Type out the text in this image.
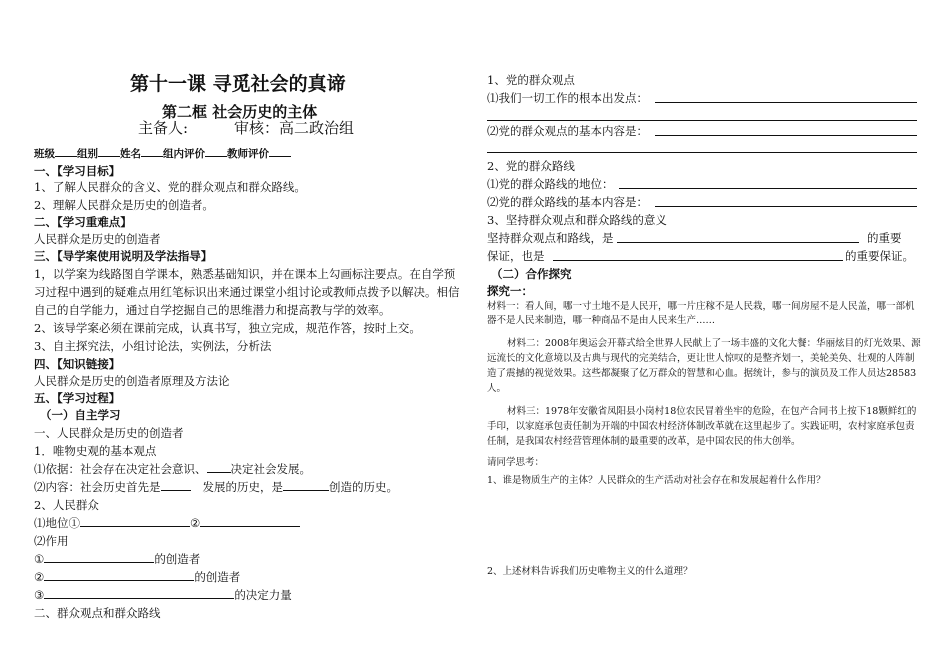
第十一课 寻觅社会的真谛
第二框 社会历史的主体
主备人:	审核：高二政治组
班级 组别 姓名 组内评价 教师评价
一、【学习目标】
1、了解人民群众的含义、党的群众观点和群众路线。
2、理解人民群众是历史的创造者。
二、【学习重难点】
人民群众是历史的创造者
三、【导学案使用说明及学法指导】
1，以学案为线路图自学课本，熟悉基础知识，并在课本上勾画标注要点。在自学预习过程中遇到的疑难点用红笔标识出来通过课堂小组讨论或教师点拨予以解决。相信自己的自学能力，通过自学挖掘自己的思维潜力和提高教与学的效率。
2、该导学案必须在课前完成，认真书写，独立完成，规范作答，按时上交。
3、自主探究法，小组讨论法，实例法，分析法
四、【知识链接】
人民群众是历史的创造者原理及方法论
五、【学习过程】
（一）自主学习
一、人民群众是历史的创造者
1．唯物史观的基本观点
⑴依据：社会存在决定社会意识、 决定社会发展。
⑵内容：社会历史首先是	发展的历史，是	创造的历史。
2、人民群众
⑴地位①	②
⑵作用
①	的创造者
②	的创造者
③	的决定力量
二、群众观点和群众路线
1、党的群众观点
⑴我们一切工作的根本出发点：
⑵党的群众观点的基本内容是：
2、党的群众路线
⑴党的群众路线的地位：
⑵党的群众路线的基本内容是：
3、坚持群众观点和群众路线的意义
坚持群众观点和路线，是	的重要
保证，也是	的重要保证。
（二）合作探究
探究一：
材料一：看人间，哪一寸土地不是人民开，哪一片庄稼不是人民栽，哪一间房屋不是人民盖，哪一部机器不是人民来制造，哪一种商品不是由人民来生产……
材料二：2008年奥运会开幕式给全世界人民献上了一场丰盛的文化大餐：华丽炫目的灯光效果、源远流长的文化意境以及古典与现代的完美结合，更让世人惊叹的是整齐划一，美轮美奂、壮观的人阵制造了震撼的视觉效果。这些都凝聚了亿万群众的智慧和心血。据统计，参与的演员及工作人员达28583人。
材料三：1978年安徽省凤阳县小岗村18位农民冒着坐牢的危险，在包产合同书上按下18颗鲜红的手印，以家庭承包责任制为开端的中国农村经济体制改革就在这里起步了。实践证明，农村家庭承包责任制，是我国农村经营管理体制的最重要的改革，是中国农民的伟大创举。
请同学思考：
1、谁是物质生产的主体？人民群众的生产活动对社会存在和发展起着什么作用？
2、上述材料告诉我们历史唯物主义的什么道理？
